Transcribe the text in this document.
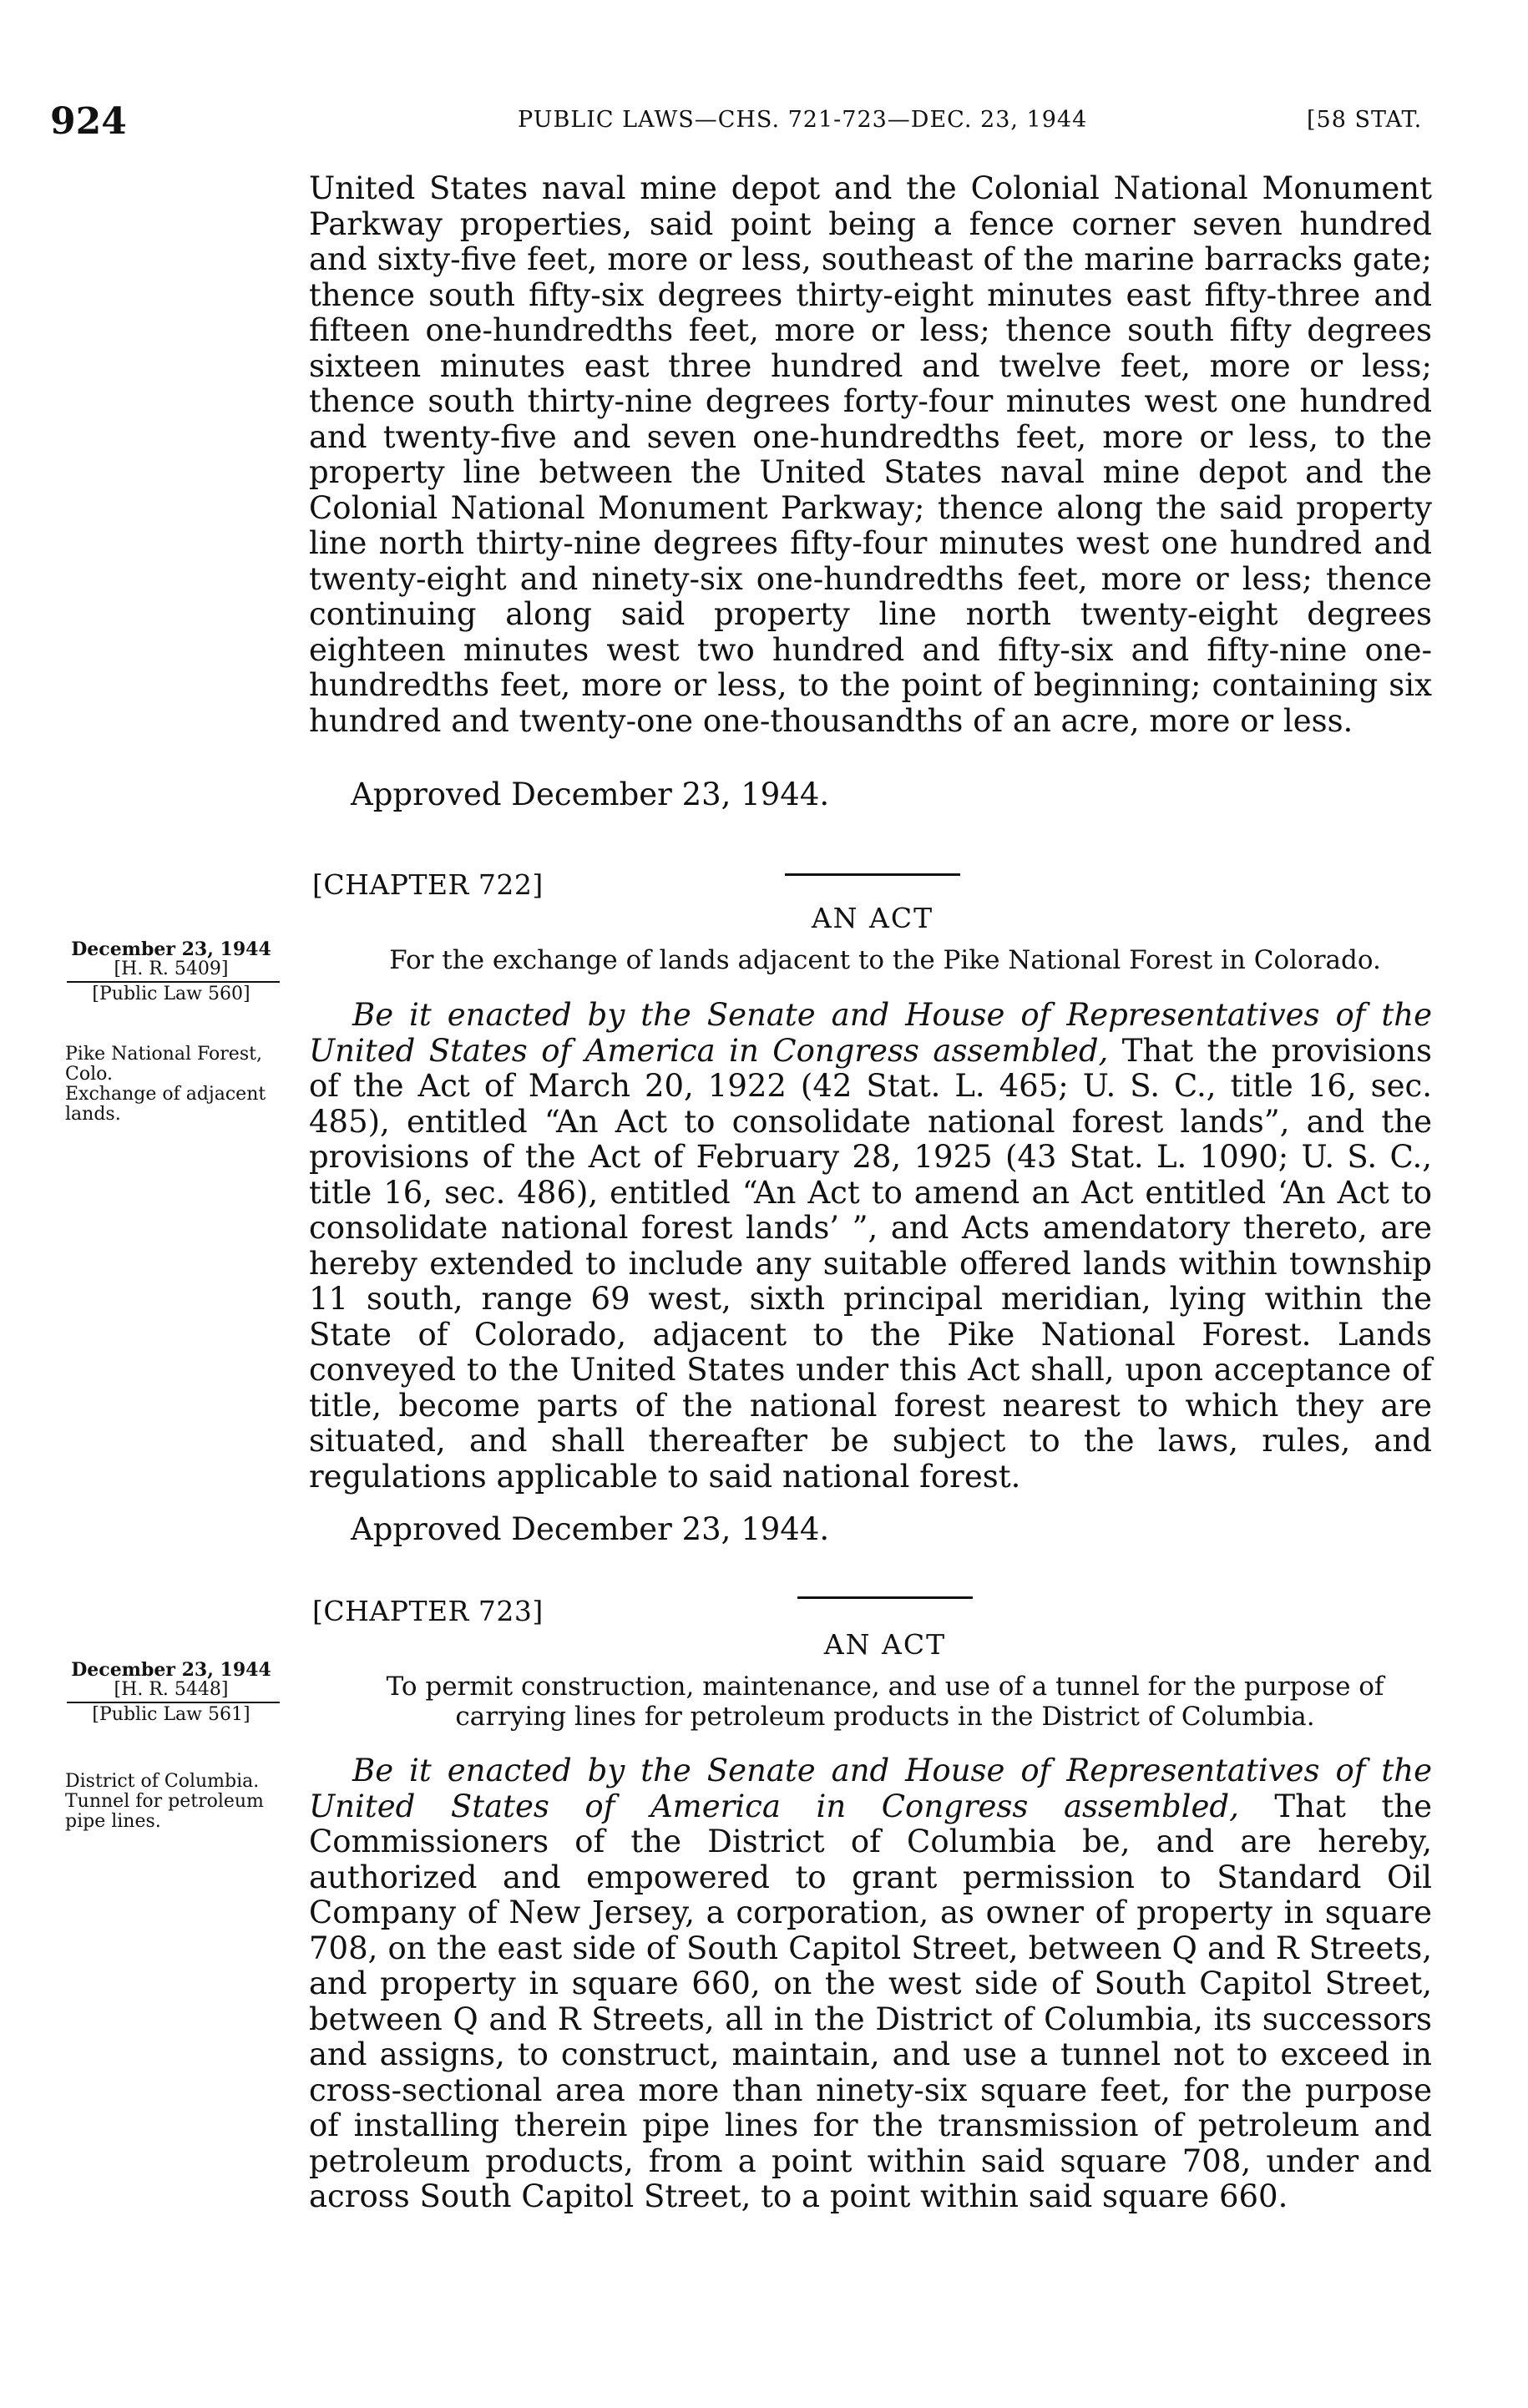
924	PUBLIC LAWS—CHS. 721-723—DEC. 23, 1944	[58 STAT.

United States naval mine depot and the Colonial National Monument Parkway properties, said point being a fence corner seven hundred and sixty-five feet, more or less, southeast of the marine barracks gate; thence south fifty-six degrees thirty-eight minutes east fifty-three and fifteen one-hundredths feet, more or less; thence south fifty degrees sixteen minutes east three hundred and twelve feet, more or less; thence south thirty-nine degrees forty-four minutes west one hundred and twenty-five and seven one-hundredths feet, more or less, to the property line between the United States naval mine depot and the Colonial National Monument Parkway; thence along the said property line north thirty-nine degrees fifty-four minutes west one hundred and twenty-eight and ninety-six one-hundredths feet, more or less; thence continuing along said property line north twenty-eight degrees eighteen minutes west two hundred and fifty-six and fifty-nine one-hundredths feet, more or less, to the point of beginning; containing six hundred and twenty-one one-thousandths of an acre, more or less.

Approved December 23, 1944.
[CHAPTER 722]
AN ACT
For the exchange of lands adjacent to the Pike National Forest in Colorado.
December 23, 1944
[H. R. 5409]
[Public Law 560]
Pike National Forest, Colo.
Exchange of adjacent lands.

Be it enacted by the Senate and House of Representatives of the United States of America in Congress assembled, That the provisions of the Act of March 20, 1922 (42 Stat. L. 465; U. S. C., title 16, sec. 485), entitled “An Act to consolidate national forest lands”, and the provisions of the Act of February 28, 1925 (43 Stat. L. 1090; U. S. C., title 16, sec. 486), entitled “An Act to amend an Act entitled ‘An Act to consolidate national forest lands’ ”, and Acts amendatory thereto, are hereby extended to include any suitable offered lands within township 11 south, range 69 west, sixth principal meridian, lying within the State of Colorado, adjacent to the Pike National Forest. Lands conveyed to the United States under this Act shall, upon acceptance of title, become parts of the national forest nearest to which they are situated, and shall thereafter be subject to the laws, rules, and regulations applicable to said national forest.

Approved December 23, 1944.
[CHAPTER 723]
AN ACT
To permit construction, maintenance, and use of a tunnel for the purpose of
carrying lines for petroleum products in the District of Columbia.
December 23, 1944
[H. R. 5448]
[Public Law 561]
District of Columbia.
Tunnel for petroleum pipe lines.

Be it enacted by the Senate and House of Representatives of the United States of America in Congress assembled, That the Commissioners of the District of Columbia be, and are hereby, authorized and empowered to grant permission to Standard Oil Company of New Jersey, a corporation, as owner of property in square 708, on the east side of South Capitol Street, between Q and R Streets, and property in square 660, on the west side of South Capitol Street, between Q and R Streets, all in the District of Columbia, its successors and assigns, to construct, maintain, and use a tunnel not to exceed in cross-sectional area more than ninety-six square feet, for the purpose of installing therein pipe lines for the transmission of petroleum and petroleum products, from a point within said square 708, under and across South Capitol Street, to a point within said square 660.
